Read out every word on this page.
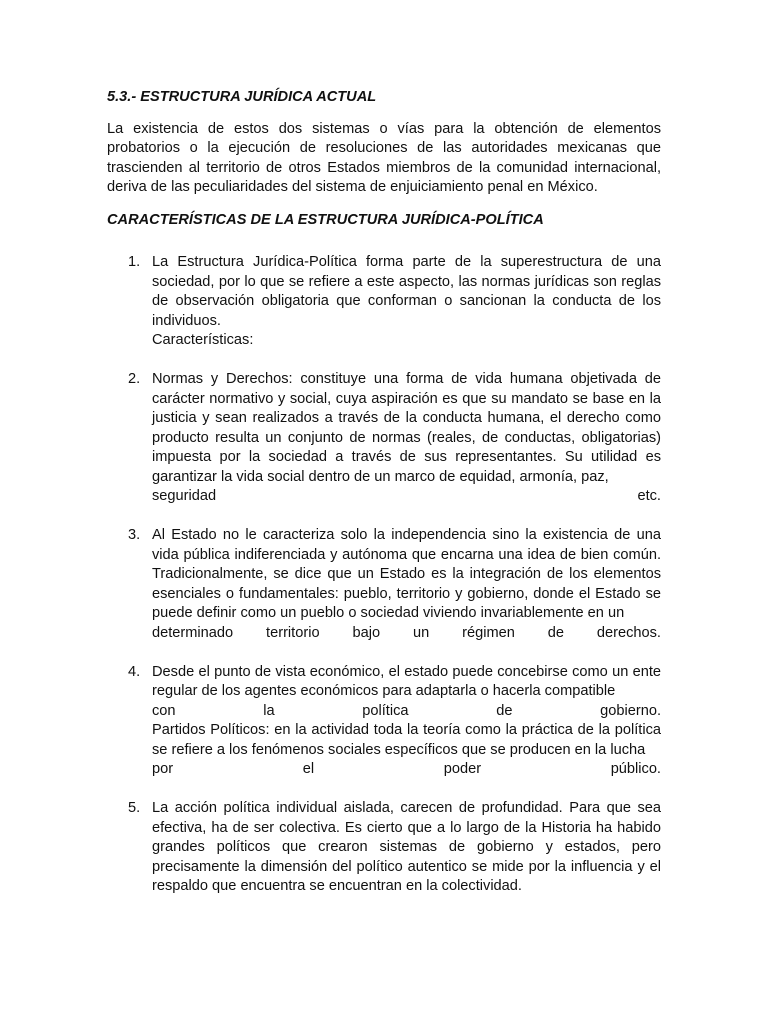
5.3.- ESTRUCTURA JURÍDICA ACTUAL

La existencia de estos dos sistemas o vías para la obtención de elementos probatorios o la ejecución de resoluciones de las autoridades mexicanas que trascienden al territorio de otros Estados miembros de la comunidad internacional, deriva de las peculiaridades del sistema de enjuiciamiento penal en México.

CARACTERÍSTICAS DE LA ESTRUCTURA JURÍDICA-POLÍTICA

1. La Estructura Jurídica-Política forma parte de la superestructura de una sociedad, por lo que se refiere a este aspecto, las normas jurídicas son reglas de observación obligatoria que conforman o sancionan la conducta de los individuos.
Características:
2. Normas y Derechos: constituye una forma de vida humana objetivada de carácter normativo y social, cuya aspiración es que su mandato se base en la justicia y sean realizados a través de la conducta humana, el derecho como producto resulta un conjunto de normas (reales, de conductas, obligatorias) impuesta por la sociedad a través de sus representantes. Su utilidad es garantizar la vida social dentro de un marco de equidad, armonía, paz,
seguridad etc.
3. Al Estado no le caracteriza solo la independencia sino la existencia de una vida pública indiferenciada y autónoma que encarna una idea de bien común. Tradicionalmente, se dice que un Estado es la integración de los elementos esenciales o fundamentales: pueblo, territorio y gobierno, donde el Estado se puede definir como un pueblo o sociedad viviendo invariablemente en un
determinado territorio bajo un régimen de derechos.
4. Desde el punto de vista económico, el estado puede concebirse como un ente regular de los agentes económicos para adaptarla o hacerla compatible
con la política de gobierno.
Partidos Políticos: en la actividad toda la teoría como la práctica de la política se refiere a los fenómenos sociales específicos que se producen en la lucha
por el poder público.
5. La acción política individual aislada, carecen de profundidad. Para que sea efectiva, ha de ser colectiva. Es cierto que a lo largo de la Historia ha habido grandes políticos que crearon sistemas de gobierno y estados, pero precisamente la dimensión del político autentico se mide por la influencia y el respaldo que encuentra se encuentran en la colectividad.
